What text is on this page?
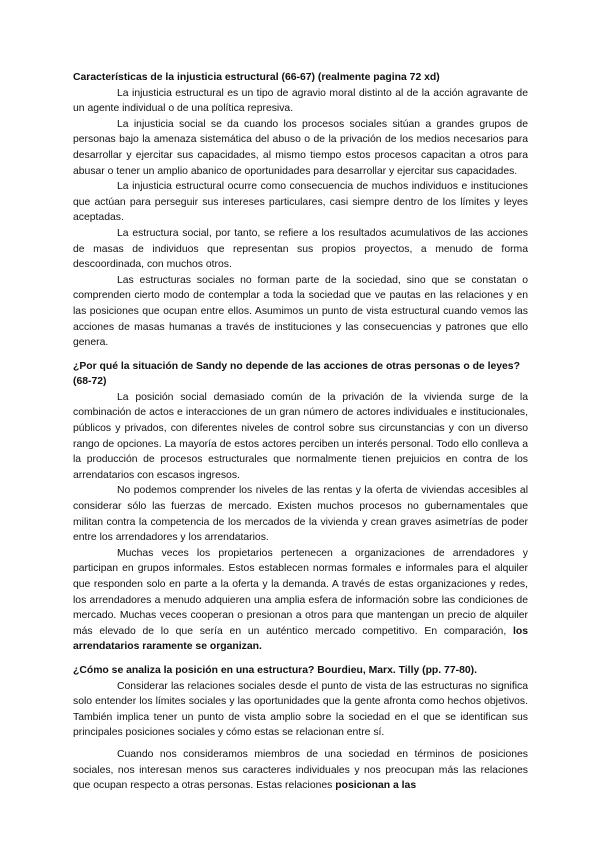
Características de la injusticia estructural (66-67) (realmente pagina 72 xd)

La injusticia estructural es un tipo de agravio moral distinto al de la acción agravante de un agente individual o de una política represiva.

La injusticia social se da cuando los procesos sociales sitúan a grandes grupos de personas bajo la amenaza sistemática del abuso o de la privación de los medios necesarios para desarrollar y ejercitar sus capacidades, al mismo tiempo estos procesos capacitan a otros para abusar o tener un amplio abanico de oportunidades para desarrollar y ejercitar sus capacidades.

La injusticia estructural ocurre como consecuencia de muchos individuos e instituciones que actúan para perseguir sus intereses particulares, casi siempre dentro de los límites y leyes aceptadas.

La estructura social, por tanto, se refiere a los resultados acumulativos de las acciones de masas de individuos que representan sus propios proyectos, a menudo de forma descoordinada, con muchos otros.

Las estructuras sociales no forman parte de la sociedad, sino que se constatan o comprenden cierto modo de contemplar a toda la sociedad que ve pautas en las relaciones y en las posiciones que ocupan entre ellos. Asumimos un punto de vista estructural cuando vemos las acciones de masas humanas a través de instituciones y las consecuencias y patrones que ello genera.

¿Por qué la situación de Sandy no depende de las acciones de otras personas o de leyes? (68-72)

La posición social demasiado común de la privación de la vivienda surge de la combinación de actos e interacciones de un gran número de actores individuales e institucionales, públicos y privados, con diferentes niveles de control sobre sus circunstancias y con un diverso rango de opciones. La mayoría de estos actores perciben un interés personal. Todo ello conlleva a la producción de procesos estructurales que normalmente tienen prejuicios en contra de los arrendatarios con escasos ingresos.

No podemos comprender los niveles de las rentas y la oferta de viviendas accesibles al considerar sólo las fuerzas de mercado. Existen muchos procesos no gubernamentales que militan contra la competencia de los mercados de la vivienda y crean graves asimetrías de poder entre los arrendadores y los arrendatarios.

Muchas veces los propietarios pertenecen a organizaciones de arrendadores y participan en grupos informales. Estos establecen normas formales e informales para el alquiler que responden solo en parte a la oferta y la demanda. A través de estas organizaciones y redes, los arrendadores a menudo adquieren una amplia esfera de información sobre las condiciones de mercado. Muchas veces cooperan o presionan a otros para que mantengan un precio de alquiler más elevado de lo que sería en un auténtico mercado competitivo. En comparación, los arrendatarios raramente se organizan.

¿Cómo se analiza la posición en una estructura? Bourdieu, Marx. Tilly (pp. 77-80).

Considerar las relaciones sociales desde el punto de vista de las estructuras no significa solo entender los límites sociales y las oportunidades que la gente afronta como hechos objetivos. También implica tener un punto de vista amplio sobre la sociedad en el que se identifican sus principales posiciones sociales y cómo estas se relacionan entre sí.

Cuando nos consideramos miembros de una sociedad en términos de posiciones sociales, nos interesan menos sus caracteres individuales y nos preocupan más las relaciones que ocupan respecto a otras personas. Estas relaciones posicionan a las
